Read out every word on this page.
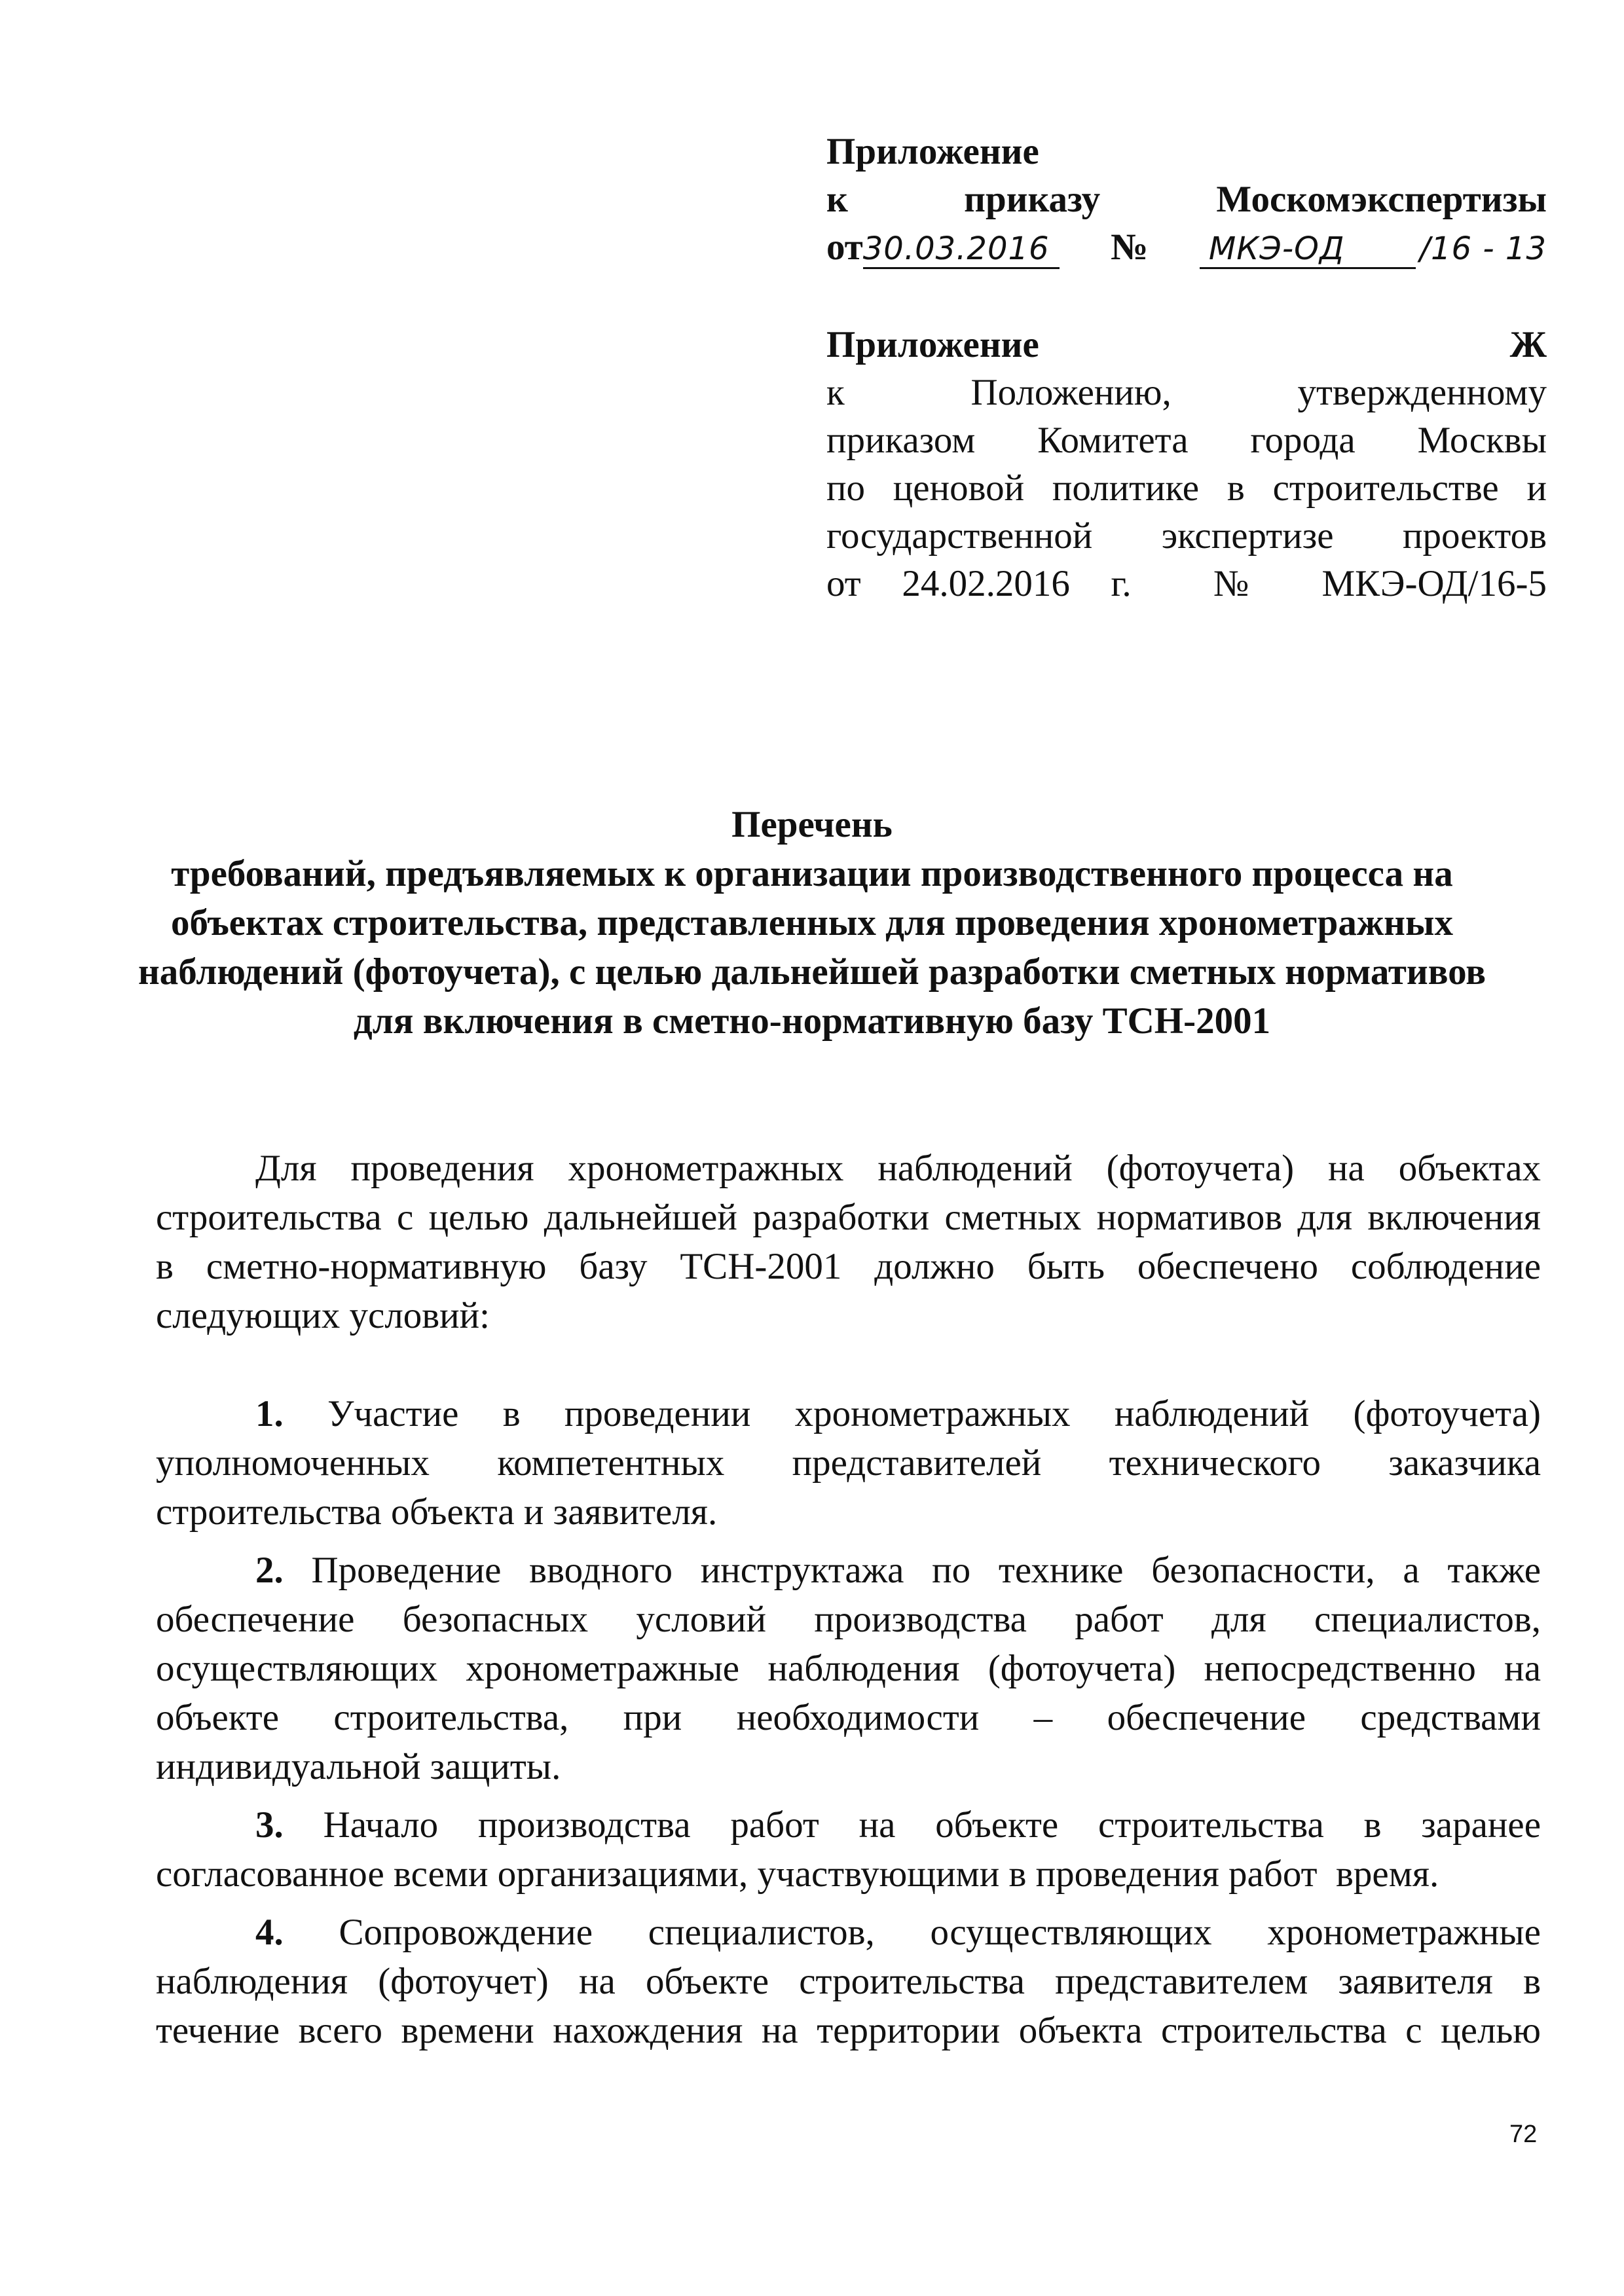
Приложение
к приказу Москомэкспертизы
от30.03.2016 № МКЭ-ОД /16 - 13
Приложение Ж
к Положению, утвержденному
приказом Комитета города Москвы
по ценовой политике в строительстве и
государственной экспертизе проектов
от 24.02.2016 г.  № МКЭ-ОД/16-5
Перечень
требований, предъявляемых к организации производственного процесса на
объектах строительства, представленных для проведения хронометражных
наблюдений (фотоучета), с целью дальнейшей разработки сметных нормативов
для включения в сметно-нормативную базу ТСН-2001
Для проведения хронометражных наблюдений (фотоучета) на объектах
строительства с целью дальнейшей разработки сметных нормативов для включения
в сметно-нормативную базу ТСН-2001 должно быть обеспечено соблюдение
следующих условий:
1. Участие в проведении хронометражных наблюдений (фотоучета)
уполномоченных компетентных представителей технического заказчика
строительства объекта и заявителя.
2. Проведение вводного инструктажа по технике безопасности, а также
обеспечение безопасных условий производства работ для специалистов,
осуществляющих хронометражные наблюдения (фотоучета) непосредственно на
объекте строительства, при необходимости – обеспечение средствами
индивидуальной защиты.
3. Начало производства работ на объекте строительства в заранее
согласованное всеми организациями, участвующими в проведения работ  время.
4. Сопровождение специалистов, осуществляющих хронометражные
наблюдения (фотоучет) на объекте строительства представителем заявителя в
течение всего времени нахождения на территории объекта строительства с целью
72
